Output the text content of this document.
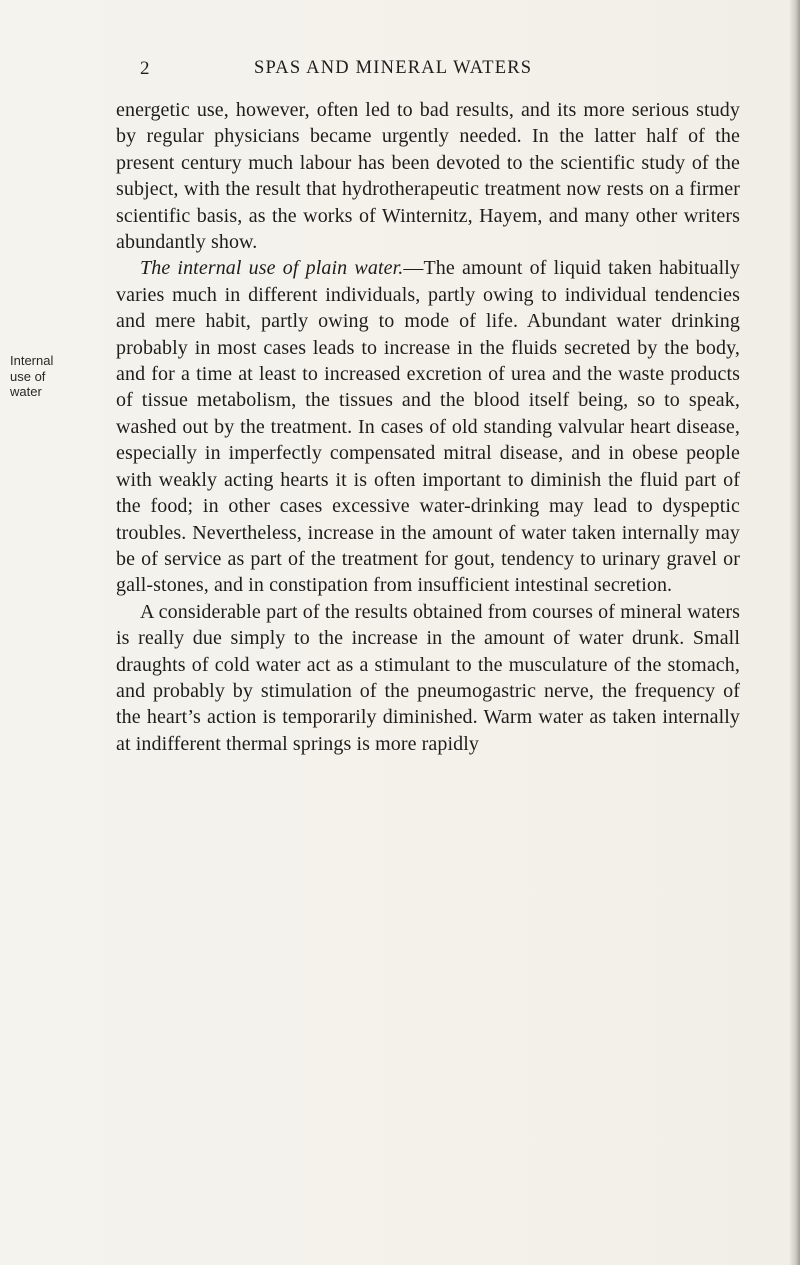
2	SPAS AND MINERAL WATERS
Internal
use of
water

energetic use, however, often led to bad results, and its more serious study by regular physicians became urgently needed. In the latter half of the present century much labour has been devoted to the scientific study of the subject, with the result that hydrotherapeutic treatment now rests on a firmer scientific basis, as the works of Winternitz, Hayem, and many other writers abundantly show.

The internal use of plain water.—The amount of liquid taken habitually varies much in different individuals, partly owing to individual tendencies and mere habit, partly owing to mode of life. Abundant water drinking probably in most cases leads to increase in the fluids secreted by the body, and for a time at least to increased excretion of urea and the waste products of tissue metabolism, the tissues and the blood itself being, so to speak, washed out by the treatment. In cases of old standing valvular heart disease, especially in imperfectly compensated mitral disease, and in obese people with weakly acting hearts it is often important to diminish the fluid part of the food; in other cases excessive water-drinking may lead to dyspeptic troubles. Nevertheless, increase in the amount of water taken internally may be of service as part of the treatment for gout, tendency to urinary gravel or gall-stones, and in constipation from insufficient intestinal secretion.

A considerable part of the results obtained from courses of mineral waters is really due simply to the increase in the amount of water drunk. Small draughts of cold water act as a stimulant to the musculature of the stomach, and probably by stimulation of the pneumogastric nerve, the frequency of the heart’s action is temporarily diminished. Warm water as taken internally at indifferent thermal springs is more rapidly
